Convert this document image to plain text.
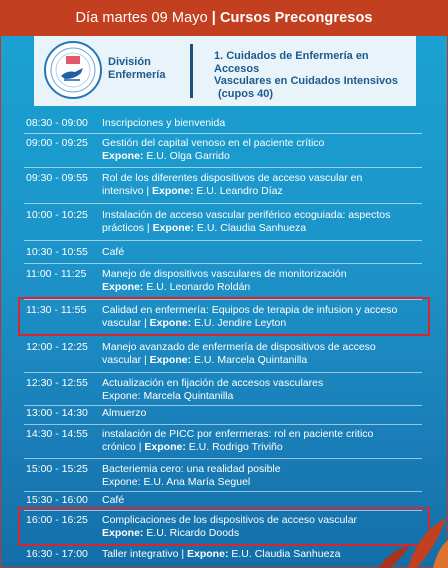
Día martes 09 Mayo | Cursos Precongresos
División
Enfermería
1. Cuidados de Enfermería en Accesos
Vasculares en Cuidados Intensivos
(cupos 40)
08:30 - 09:00	Inscripciones y bienvenida
09:00 - 09:25	Gestión del capital venoso en el paciente crítico
Expone: E.U. Olga Garrido
09:30 - 09:55	Rol de los diferentes dispositivos de acceso vascular en
intensivo | Expone: E.U. Leandro Díaz
10:00 - 10:25	Instalación de acceso vascular periférico ecoguiada: aspectos
prácticos | Expone: E.U. Claudia Sanhueza
10:30 - 10:55	Café
11:00 - 11:25	Manejo de dispositivos vasculares de monitorización
Expone: E.U. Leonardo Roldán
11:30 - 11:55	Calidad en enfermería: Equipos de terapia de infusion y acceso
vascular | Expone: E.U. Jendire Leyton
12:00 - 12:25	Manejo avanzado de enfermería de dispositivos de acceso
vascular | Expone: E.U. Marcela Quintanilla
12:30 - 12:55	Actualización en fijación de accesos vasculares
Expone: Marcela Quintanilla
13:00 - 14:30	Almuerzo
14:30 - 14:55	instalación de PICC por enfermeras: rol en paciente critico
crónico | Expone: E.U. Rodrigo Triviño
15:00 - 15:25	Bacteriemia cero: una realidad posible
Expone: E.U. Ana María Seguel
15:30 - 16:00	Café
16:00 - 16:25	Complicaciones de los dispositivos de acceso vascular
Expone: E.U. Ricardo Doods
16:30 - 17:00	Taller integrativo | Expone: E.U. Claudia Sanhueza
